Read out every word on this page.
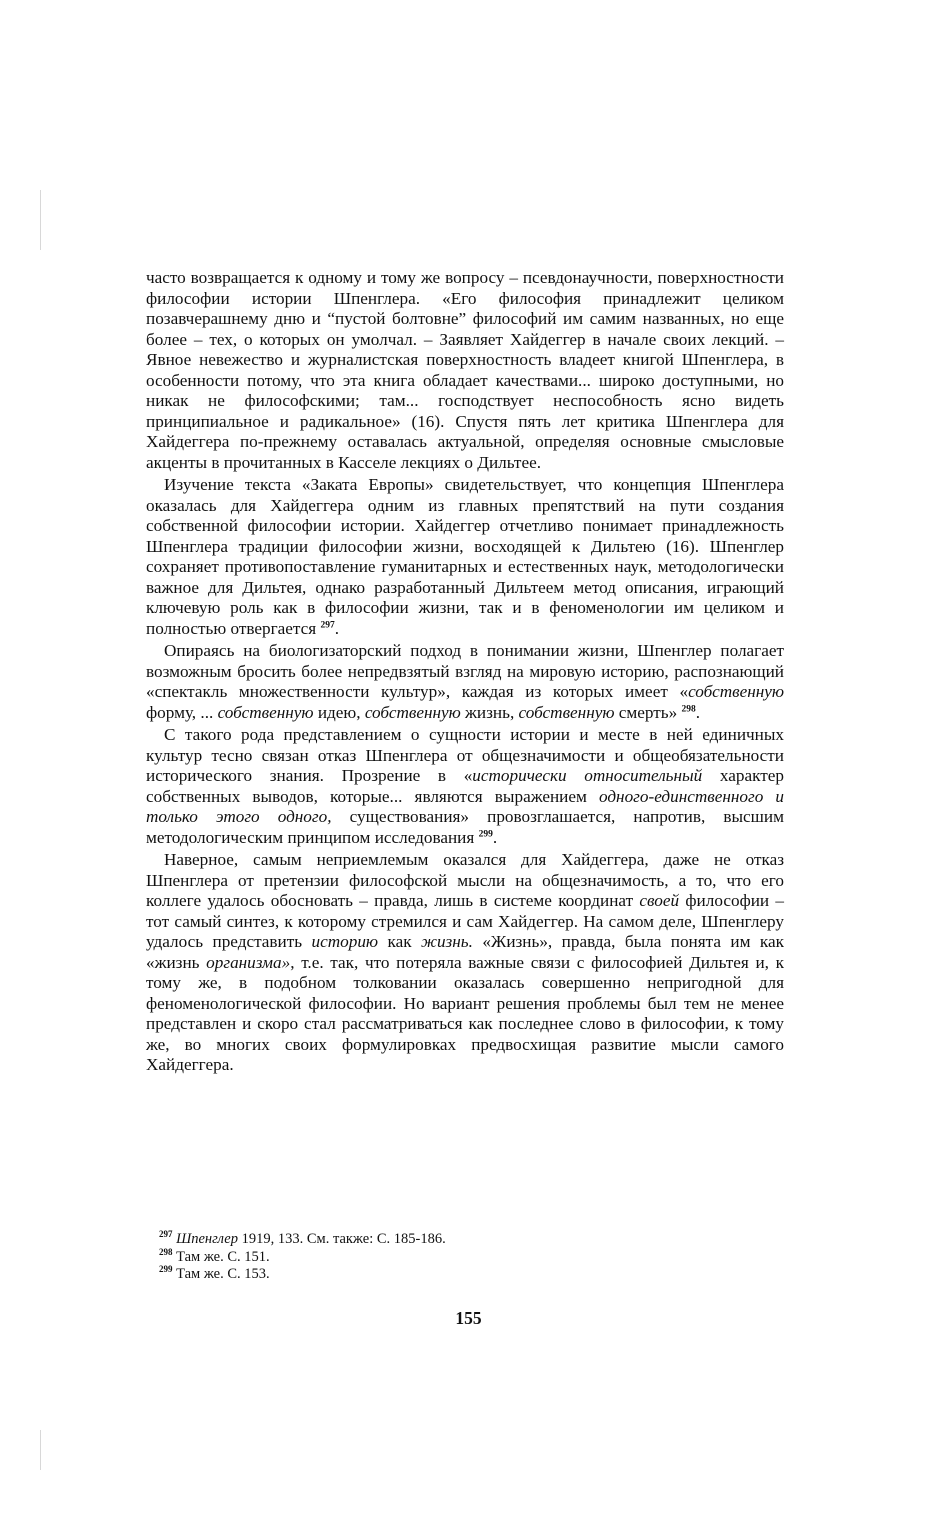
часто возвращается к одному и тому же вопросу – псевдонаучности, поверхностности философии истории Шпенглера. «Его философия принадлежит целиком позавчерашнему дню и “пустой болтовне” философий им самим названных, но еще более – тех, о которых он умолчал. – Заявляет Хайдеггер в начале своих лекций. – Явное невежество и журналистская поверхностность владеет книгой Шпенглера, в особенности потому, что эта книга обладает качествами... широко доступными, но никак не философскими; там... господствует неспособность ясно видеть принципиальное и радикальное» (16). Спустя пять лет критика Шпенглера для Хайдеггера по-прежнему оставалась актуальной, определяя основные смысловые акценты в прочитанных в Касселе лекциях о Дильтее.

Изучение текста «Заката Европы» свидетельствует, что концепция Шпенглера оказалась для Хайдеггера одним из главных препятствий на пути создания собственной философии истории. Хайдеггер отчетливо понимает принадлежность Шпенглера традиции философии жизни, восходящей к Дильтею (16). Шпенглер сохраняет противопоставление гуманитарных и естественных наук, методологически важное для Дильтея, однако разработанный Дильтеем метод описания, играющий ключевую роль как в философии жизни, так и в феноменологии им целиком и полностью отвергается $^{297}$.

Опираясь на биологизаторский подход в понимании жизни, Шпенглер полагает возможным бросить более непредвзятый взгляд на мировую историю, распознающий «спектакль множественности культур», каждая из которых имеет «собственную форму, ... собственную идею, собственную жизнь, собственную смерть» $^{298}$.

С такого рода представлением о сущности истории и месте в ней единичных культур тесно связан отказ Шпенглера от общезначимости и общеобязательности исторического знания. Прозрение в «исторически относительный характер собственных выводов, которые... являются выражением одного-единственного и только этого одного, существования» провозглашается, напротив, высшим методологическим принципом исследования $^{299}$.

Наверное, самым неприемлемым оказался для Хайдеггера, даже не отказ Шпенглера от претензии философской мысли на общезначимость, а то, что его коллеге удалось обосновать – правда, лишь в системе координат своей философии – тот самый синтез, к которому стремился и сам Хайдеггер. На самом деле, Шпенглеру удалось представить историю как жизнь. «Жизнь», правда, была понята им как «жизнь организма», т.е. так, что потеряла важные связи с философией Дильтея и, к тому же, в подобном толковании оказалась совершенно непригодной для феноменологической философии. Но вариант решения проблемы был тем не менее представлен и скоро стал рассматриваться как последнее слово в философии, к тому же, во многих своих формулировках предвосхищая развитие мысли самого Хайдеггера.

$^{297}$ Шпенглер 1919, 133. См. также: С. 185-186.

$^{298}$ Там же. С. 151.

$^{299}$ Там же. С. 153.

155
